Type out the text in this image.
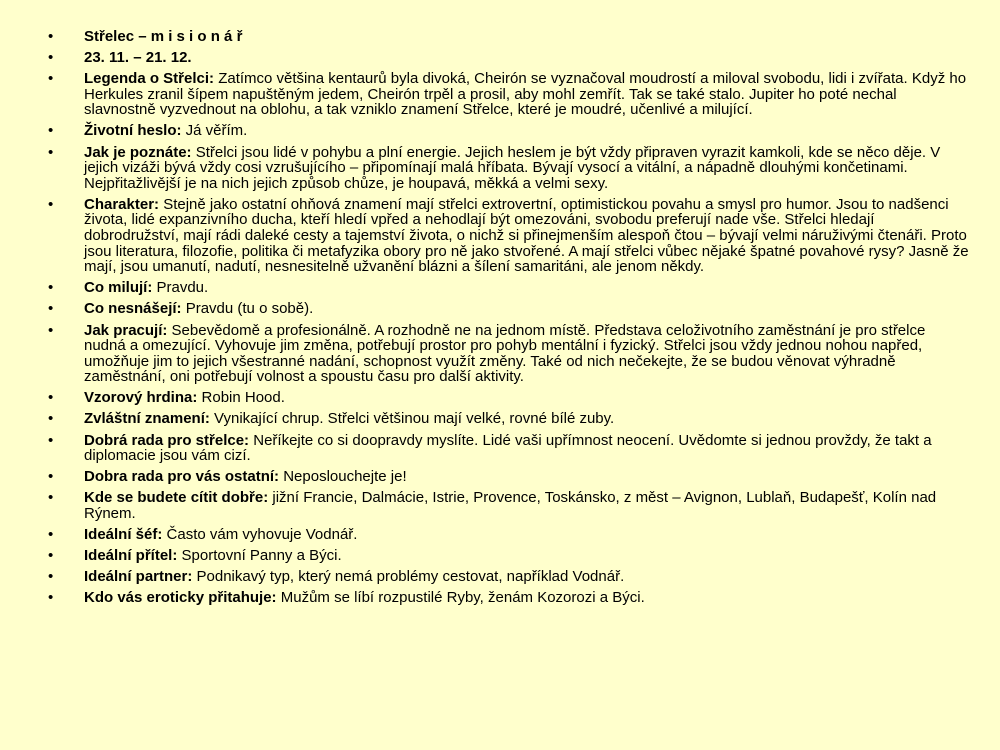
• Střelec – m i s i o n á ř
• 23. 11. – 21. 12.
• Legenda o Střelci: Zatímco většina kentaurů byla divoká, Cheirón se vyznačoval moudrostí a miloval svobodu, lidi i zvířata. Když ho Herkules zranil šípem napuštěným jedem, Cheirón trpěl a prosil, aby mohl zemřít. Tak se také stalo. Jupiter ho poté nechal slavnostně vyzvednout na oblohu, a tak vzniklo znamení Střelce, které je moudré, učenlivé a milující.
• Životní heslo: Já věřím.
• Jak je poznáte: Střelci jsou lidé v pohybu a plní energie. Jejich heslem je být vždy připraven vyrazit kamkoli, kde se něco děje. V jejich vizáži bývá vždy cosi vzrušujícího – připomínají malá hříbata. Bývají vysocí a vitální, a nápadně dlouhými končetinami. Nejpřitažlivější je na nich jejich způsob chůze, je houpavá, měkká a velmi sexy.
• Charakter: Stejně jako ostatní ohňová znamení mají střelci extrovertní, optimistickou povahu a smysl pro humor. Jsou to nadšenci života, lidé expanzivního ducha, kteří hledí vpřed a nehodlají být omezováni, svobodu preferují nade vše. Střelci hledají dobrodružství, mají rádi daleké cesty a tajemství života, o nichž si přinejmenším alespoň čtou – bývají velmi náruživými čtenáři. Proto jsou literatura, filozofie, politika či metafyzika obory pro ně jako stvořené. A mají střelci vůbec nějaké špatné povahové rysy? Jasně že mají, jsou umanutí, nadutí, nesnesitelně užvanění blázni a šílení samaritáni, ale jenom někdy.
• Co milují: Pravdu.
• Co nesnášejí: Pravdu (tu o sobě).
• Jak pracují: Sebevědomě a profesionálně. A rozhodně ne na jednom místě. Představa celoživotního zaměstnání je pro střelce nudná a omezující. Vyhovuje jim změna, potřebují prostor pro pohyb mentální i fyzický. Střelci jsou vždy jednou nohou napřed, umožňuje jim to jejich všestranné nadání, schopnost využít změny. Také od nich nečekejte, že se budou věnovat výhradně zaměstnání, oni potřebují volnost a spoustu času pro další aktivity.
• Vzorový hrdina: Robin Hood.
• Zvláštní znamení: Vynikající chrup. Střelci většinou mají velké, rovné bílé zuby.
• Dobrá rada pro střelce: Neříkejte co si doopravdy myslíte. Lidé vaši upřímnost neocení. Uvědomte si jednou provždy, že takt a diplomacie jsou vám cizí.
• Dobra rada pro vás ostatní: Neposlouchejte je!
• Kde se budete cítit dobře: jižní Francie, Dalmácie, Istrie, Provence, Toskánsko, z měst – Avignon, Lublaň, Budapešť, Kolín nad Rýnem.
• Ideální šéf: Často vám vyhovuje Vodnář.
• Ideální přítel: Sportovní Panny a Býci.
• Ideální partner: Podnikavý typ, který nemá problémy cestovat, například Vodnář.
• Kdo vás eroticky přitahuje: Mužům se líbí rozpustilé Ryby, ženám Kozorozi a Býci.
